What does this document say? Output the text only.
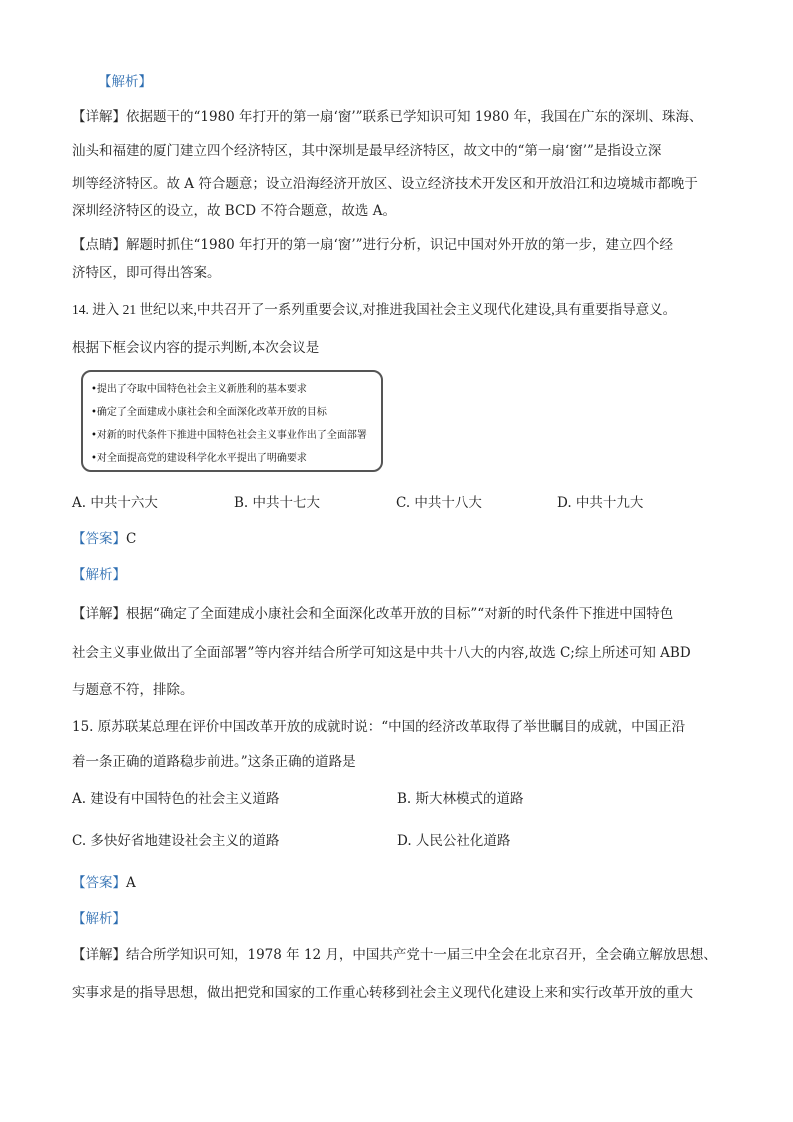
【解析】
【详解】依据题干的“1980 年打开的第一扇‘窗’”联系已学知识可知 1980 年，我国在广东的深圳、珠海、
汕头和福建的厦门建立四个经济特区，其中深圳是最早经济特区，故文中的“第一扇‘窗’”是指设立深
圳等经济特区。故 A 符合题意；设立沿海经济开放区、设立经济技术开发区和开放沿江和边境城市都晚于
深圳经济特区的设立，故 BCD 不符合题意，故选 A。
【点睛】解题时抓住“1980 年打开的第一扇‘窗’”进行分析，识记中国对外开放的第一步，建立四个经
济特区，即可得出答案。
14. 进入 21 世纪以来,中共召开了一系列重要会议,对推进我国社会主义现代化建设,具有重要指导意义。
根据下框会议内容的提示判断,本次会议是
•提出了夺取中国特色社会主义新胜利的基本要求
•确定了全面建成小康社会和全面深化改革开放的目标
•对新的时代条件下推进中国特色社会主义事业作出了全面部署
•对全面提高党的建设科学化水平提出了明确要求
A. 中共十六大	B. 中共十七大	C. 中共十八大	D. 中共十九大
【答案】C
【解析】
【详解】根据“确定了全面建成小康社会和全面深化改革开放的目标”“对新的时代条件下推进中国特色
社会主义事业做出了全面部署”等内容并结合所学可知这是中共十八大的内容,故选 C;综上所述可知 ABD
与题意不符，排除。
15. 原苏联某总理在评价中国改革开放的成就时说：“中国的经济改革取得了举世瞩目的成就，中国正沿
着一条正确的道路稳步前进。”这条正确的道路是
A. 建设有中国特色的社会主义道路	B. 斯大林模式的道路
C. 多快好省地建设社会主义的道路	D. 人民公社化道路
【答案】A
【解析】
【详解】结合所学知识可知，1978 年 12 月，中国共产党十一届三中全会在北京召开，全会确立解放思想、
实事求是的指导思想，做出把党和国家的工作重心转移到社会主义现代化建设上来和实行改革开放的重大
